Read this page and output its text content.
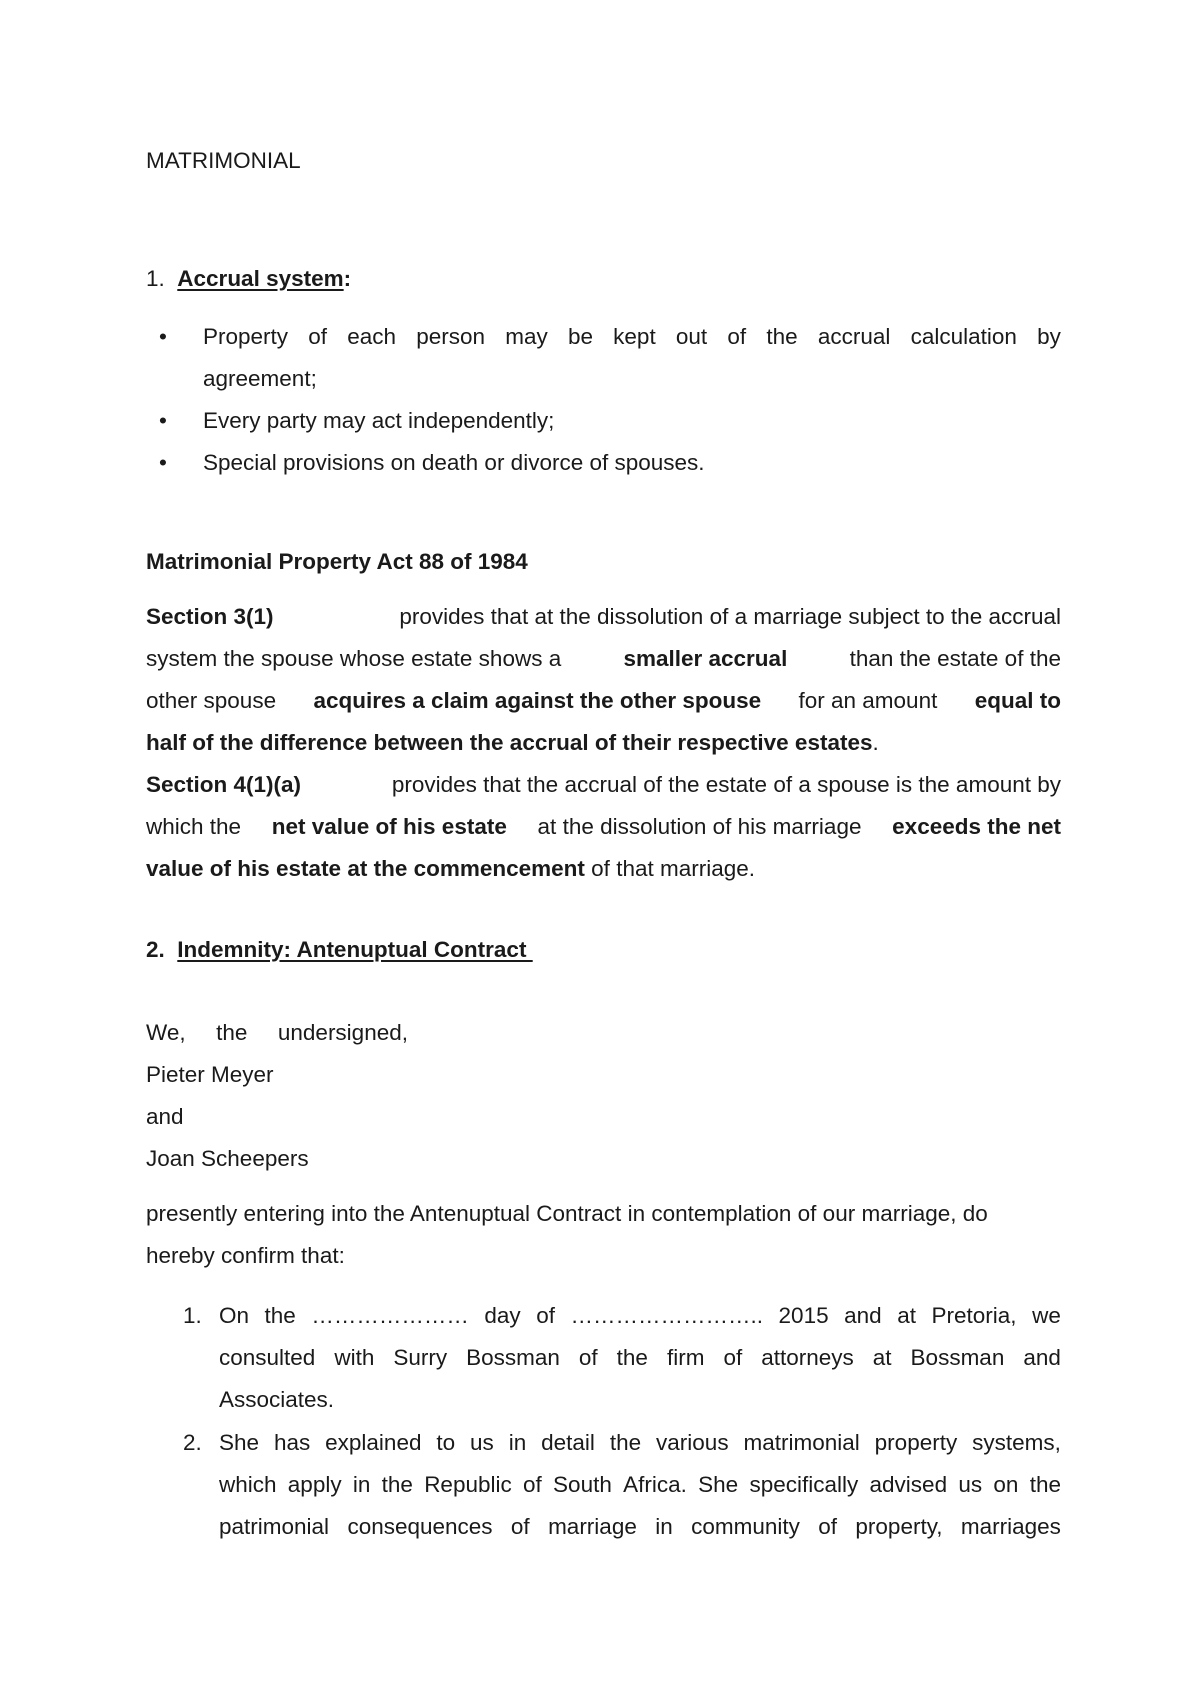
MATRIMONIAL
1. Accrual system:
• Property of each person may be kept out of the accrual calculation by
agreement;
• Every party may act independently;
• Special provisions on death or divorce of spouses.
Matrimonial Property Act 88 of 1984
Section 3(1)	provides that at the dissolution of a marriage subject to the accrual
system the spouse whose estate shows a	smaller accrual	than the estate of the
other spouse acquires a claim against the other spouse for an amount equal to
half of the difference between the accrual of their respective estates.
Section 4(1)(a)	provides that the accrual of the estate of a spouse is the amount by
which the net value of his estate at the dissolution of his marriage exceeds the net
value of his estate at the commencement of that marriage.
2. Indemnity: Antenuptual Contract
We, the undersigned,
Pieter Meyer
and
Joan Scheepers
presently entering into the Antenuptual Contract in contemplation of our marriage, do
hereby confirm that:
1. On the ………………… day of …………………….. 2015 and at Pretoria, we
consulted with Surry Bossman of the firm of attorneys at Bossman and
Associates.
2. She has explained to us in detail the various matrimonial property systems,
which apply in the Republic of South Africa. She specifically advised us on the
patrimonial consequences of marriage in community of property, marriages
